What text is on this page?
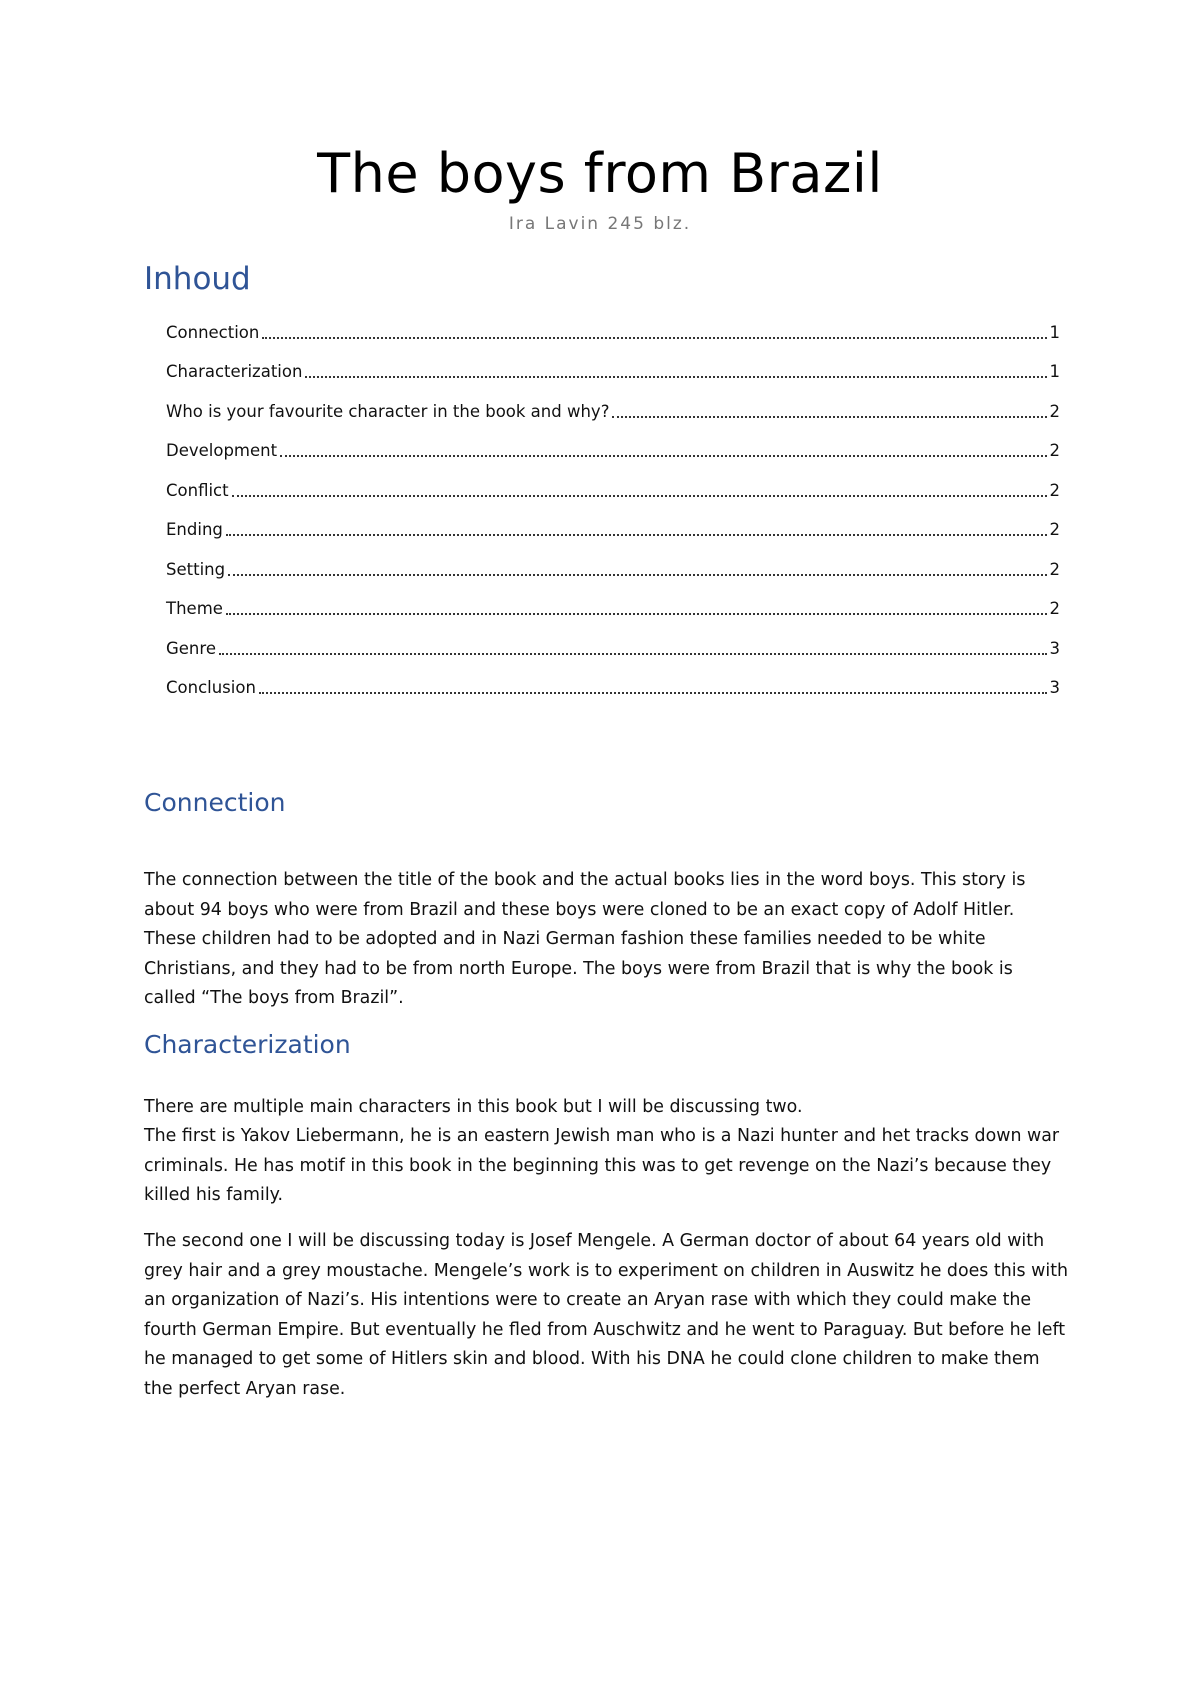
The boys from Brazil
Ira Lavin 245 blz.
Inhoud
Connection	1
Characterization	1
Who is your favourite character in the book and why?	2
Development	2
Conflict	2
Ending	2
Setting	2
Theme	2
Genre	3
Conclusion	3
Connection

The connection between the title of the book and the actual books lies in the word boys. This story is about 94 boys who were from Brazil and these boys were cloned to be an exact copy of Adolf Hitler. These children had to be adopted and in Nazi German fashion these families needed to be white Christians, and they had to be from north Europe. The boys were from Brazil that is why the book is called “The boys from Brazil”.

Characterization

There are multiple main characters in this book but I will be discussing two.

The first is Yakov Liebermann, he is an eastern Jewish man who is a Nazi hunter and het tracks down war criminals. He has motif in this book in the beginning this was to get revenge on the Nazi’s because they killed his family.

The second one I will be discussing today is Josef Mengele. A German doctor of about 64 years old with grey hair and a grey moustache. Mengele’s work is to experiment on children in Auswitz he does this with an organization of Nazi’s. His intentions were to create an Aryan rase with which they could make the fourth German Empire. But eventually he fled from Auschwitz and he went to Paraguay. But before he left he managed to get some of Hitlers skin and blood. With his DNA he could clone children to make them the perfect Aryan rase.
